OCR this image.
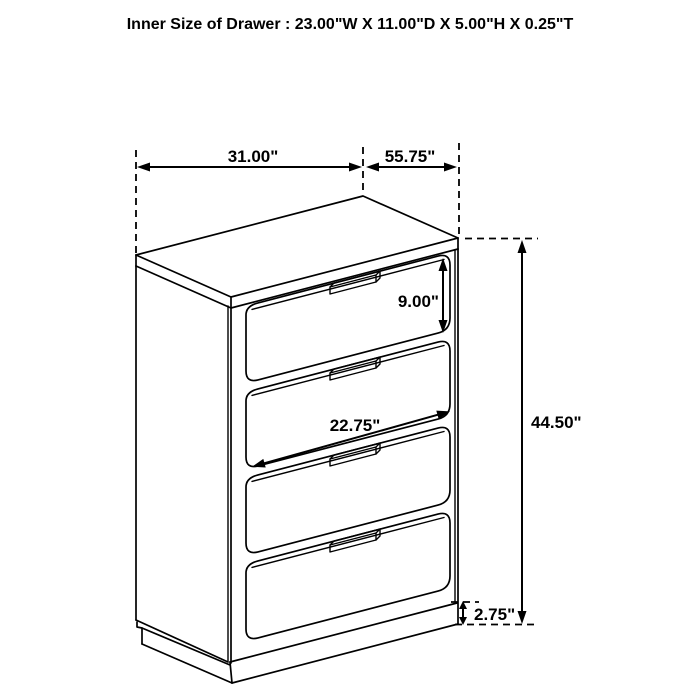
Inner Size of Drawer : 23.00"W X 11.00"D X 5.00"H X 0.25"T
31.00"	55.75"
9.00"
22.75"	44.50"
2.75"
